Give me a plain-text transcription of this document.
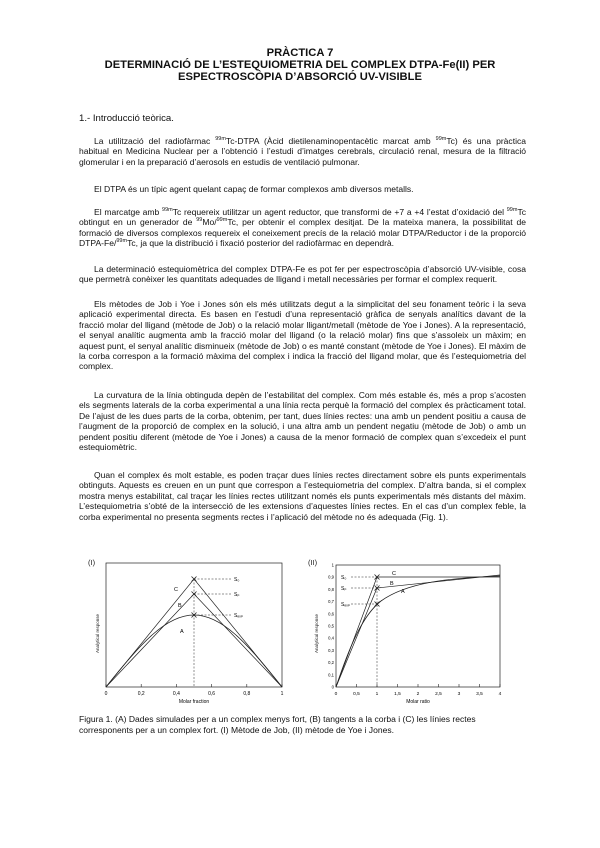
PRÀCTICA 7
DETERMINACIÓ DE L’ESTEQUIOMETRIA DEL COMPLEX DTPA-Fe(II) PER
ESPECTROSCÒPIA D’ABSORCIÓ UV-VISIBLE
1.- Introducció teòrica.

La utilització del radiofàrmac $^{99m}$Tc-DTPA (Àcid dietilenaminopentacètic marcat amb $^{99m}$Tc) és una pràctica habitual en Medicina Nuclear per a l’obtenció i l’estudi d’imatges cerebrals, circulació renal, mesura de la filtració glomerular i en la preparació d’aerosols en estudis de ventilació pulmonar.

El DTPA és un típic agent quelant capaç de formar complexos amb diversos metalls.

El marcatge amb $^{99m}$Tc requereix utilitzar un agent reductor, que transformi de +7 a +4 l’estat d’oxidació del $^{99m}$Tc obtingut en un generador de $^{99}$Mo/$^{99m}$Tc, per obtenir el complex desitjat. De la mateixa manera, la possibilitat de formació de diversos complexos requereix el coneixement precís de la relació molar DTPA/Reductor i de la proporció DTPA-Fe/$^{99m}$Tc, ja que la distribució i fixació posterior del radiofàrmac en dependrà.

La determinació estequiomètrica del complex DTPA-Fe es pot fer per espectroscòpia d’absorció UV-visible, cosa que permetrà conèixer les quantitats adequades de lligand i metall necessàries per formar el complex requerit.

Els mètodes de Job i Yoe i Jones són els més utilitzats degut a la simplicitat del seu fonament teòric i la seva aplicació experimental directa. Es basen en l’estudi d’una representació gràfica de senyals analítics davant de la fracció molar del lligand (mètode de Job) o la relació molar lligant/metall (mètode de Yoe i Jones). A la representació, el senyal analític augmenta amb la fracció molar del lligand (o la relació molar) fins que s’assoleix un màxim; en aquest punt, el senyal analític disminueix (mètode de Job) o es manté constant (mètode de Yoe i Jones). El màxim de la corba correspon a la formació màxima del complex i indica la fracció del lligand molar, que és l’estequiometria del complex.

La curvatura de la línia obtinguda depèn de l’estabilitat del complex. Com més estable és, més a prop s’acosten els segments laterals de la corba experimental a una línia recta perquè la formació del complex és pràcticament total. De l’ajust de les dues parts de la corba, obtenim, per tant, dues línies rectes: una amb un pendent positiu a causa de l’augment de la proporció de complex en la solució, i una altra amb un pendent negatiu (mètode de Job) o amb un pendent positiu diferent (mètode de Yoe i Jones) a causa de la menor formació de complex quan s’excedeix el punt estequiomètric.

Quan el complex és molt estable, es poden traçar dues línies rectes directament sobre els punts experimentals obtinguts. Aquests es creuen en un punt que correspon a l’estequiometria del complex. D’altra banda, si el complex mostra menys estabilitat, cal traçar les línies rectes utilitzant només els punts experimentals més distants del màxim. L’estequiometria s’obté de la intersecció de les extensions d’aquestes línies rectes. En el cas d’un complex feble, la corba experimental no presenta segments rectes i l’aplicació del mètode no és adequada (Fig. 1).

(I)
Analytical response
0	0,2	0,4	0,6	0,8	1
Molar fraction
S₀
Sₚ
Sₑₓₚ
C
B
A
(II)
Analytical response
0	0,5	1	1,5	2	2,5	3	3,5	4
Molar ratio
0
0,1
0,2
0,3
0,4
0,5
0,6
0,7
0,8
0,9
1
S₀
Sₚ
Sₑₓₚ
C
B
A

Figura 1. (A) Dades simulades per a un complex menys fort, (B) tangents a la corba i (C) les línies rectes corresponents per a un complex fort. (I) Mètode de Job, (II) mètode de Yoe i Jones.
